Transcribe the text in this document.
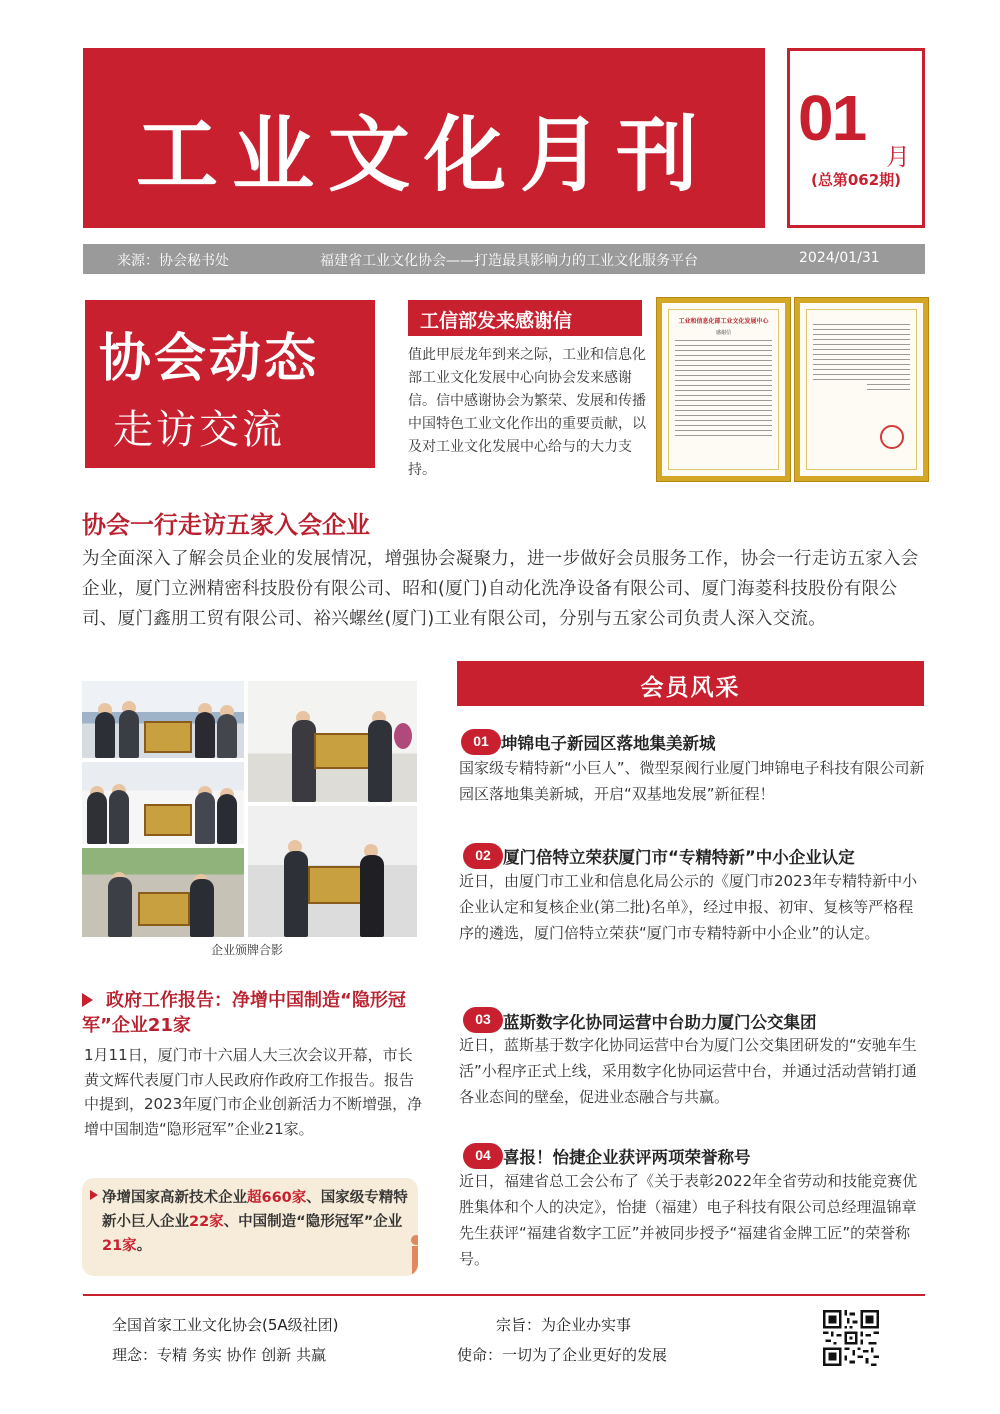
工业文化月刊	01
月
(总第062期)
来源：协会秘书处	福建省工业文化协会——打造最具影响力的工业文化服务平台	2024/01/31
协会动态
走访交流
工信部发来感谢信
值此甲辰龙年到来之际，工业和信息化部工业文化发展中心向协会发来感谢信。信中感谢协会为繁荣、发展和传播中国特色工业文化作出的重要贡献，以及对工业文化发展中心给与的大力支持。
工业和信息化部工业文化发展中心
感谢信
协会一行走访五家入会企业
为全面深入了解会员企业的发展情况，增强协会凝聚力，进一步做好会员服务工作，协会一行走访五家入会企业，厦门立洲精密科技股份有限公司、昭和(厦门)自动化洗净设备有限公司、厦门海菱科技股份有限公司、厦门鑫朋工贸有限公司、裕兴螺丝(厦门)工业有限公司，分别与五家公司负责人深入交流。
企业颁牌合影
政府工作报告：净增中国制造“隐形冠军”企业21家
1月11日，厦门市十六届人大三次会议开幕，市长黄文辉代表厦门市人民政府作政府工作报告。报告中提到，2023年厦门市企业创新活力不断增强，净增中国制造“隐形冠军”企业21家。
净增国家高新技术企业超660家、国家级专精特新小巨人企业22家、中国制造“隐形冠军”企业21家。
会员风采
01 坤锦电子新园区落地集美新城
国家级专精特新“小巨人”、微型泵阀行业厦门坤锦电子科技有限公司新园区落地集美新城，开启“双基地发展”新征程！
02 厦门倍特立荣获厦门市“专精特新”中小企业认定
近日，由厦门市工业和信息化局公示的《厦门市2023年专精特新中小企业认定和复核企业(第二批)名单》，经过申报、初审、复核等严格程序的遴选，厦门倍特立荣获“厦门市专精特新中小企业”的认定。
03 蓝斯数字化协同运营中台助力厦门公交集团
近日，蓝斯基于数字化协同运营中台为厦门公交集团研发的“安驰车生活”小程序正式上线，采用数字化协同运营中台，并通过活动营销打通各业态间的壁垒，促进业态融合与共赢。
04 喜报！怡捷企业获评两项荣誉称号
近日，福建省总工会公布了《关于表彰2022年全省劳动和技能竞赛优胜集体和个人的决定》，怡捷（福建）电子科技有限公司总经理温锦章先生获评“福建省数字工匠”并被同步授予“福建省金牌工匠”的荣誉称号。
全国首家工业文化协会(5A级社团)	宗旨：为企业办实事
理念：专精 务实 协作 创新 共赢	使命：一切为了企业更好的发展
